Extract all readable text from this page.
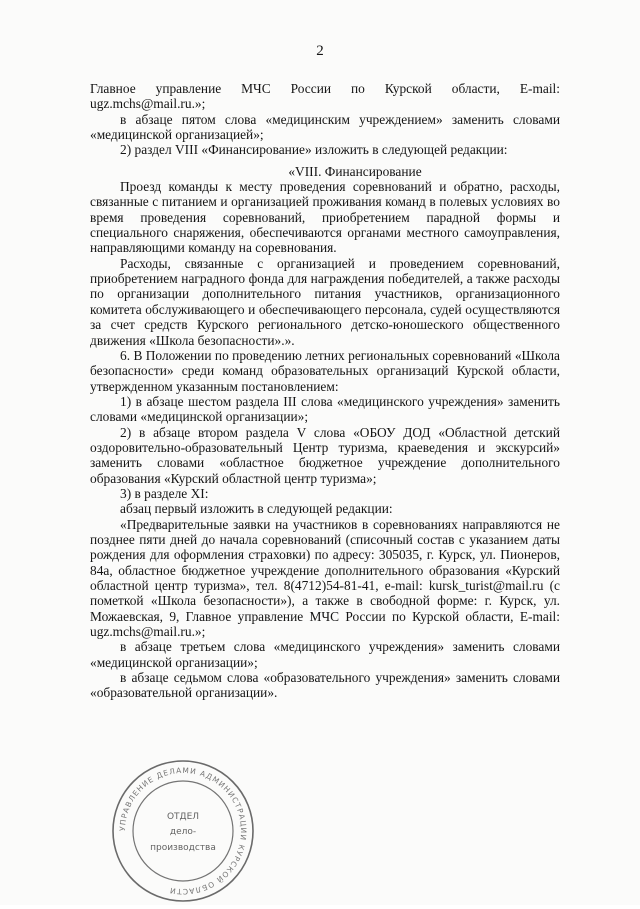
2

Главное управление МЧС России по Курской области, E-mail: ugz.mchs@mail.ru.»;

в абзаце пятом слова «медицинским учреждением» заменить словами «медицинской организацией»;

2) раздел VIII «Финансирование» изложить в следующей редакции:

«VIII. Финансирование

Проезд команды к месту проведения соревнований и обратно, расходы, связанные с питанием и организацией проживания команд в полевых условиях во время проведения соревнований, приобретением парадной формы и специального снаряжения, обеспечиваются органами местного самоуправления, направляющими команду на соревнования.

Расходы, связанные с организацией и проведением соревнований, приобретением наградного фонда для награждения победителей, а также расходы по организации дополнительного питания участников, организационного комитета обслуживающего и обеспечивающего персонала, судей осуществляются за счет средств Курского регионального детско-юношеского общественного движения «Школа безопасности».».

6. В Положении по проведению летних региональных соревнований «Школа безопасности» среди команд образовательных организаций Курской области, утвержденном указанным постановлением:

1) в абзаце шестом раздела III слова «медицинского учреждения» заменить словами «медицинской организации»;

2) в абзаце втором раздела V слова «ОБОУ ДОД «Областной детский оздоровительно-образовательный Центр туризма, краеведения и экскурсий» заменить словами «областное бюджетное учреждение дополнительного образования «Курский областной центр туризма»;

3) в разделе XI:

абзац первый изложить в следующей редакции:

«Предварительные заявки на участников в соревнованиях направляются не позднее пяти дней до начала соревнований (списочный состав с указанием даты рождения для оформления страховки) по адресу: 305035, г. Курск, ул. Пионеров, 84а, областное бюджетное учреждение дополнительного образования «Курский областной центр туризма», тел. 8(4712)54-81-41, e-mail: kursk_turist@mail.ru (с пометкой «Школа безопасности»), а также в свободной форме: г. Курск, ул. Можаевская, 9, Главное управление МЧС России по Курской области, E-mail: ugz.mchs@mail.ru.»;

в абзаце третьем слова «медицинского учреждения» заменить словами «медицинской организации»;

в абзаце седьмом слова «образовательного учреждения» заменить словами «образовательной организации».

УПРАВЛЕНИЕ ДЕЛАМИ АДМИНИСТРАЦИИ КУРСКОЙ ОБЛАСТИ
ОТДЕЛ
дело-
производства
